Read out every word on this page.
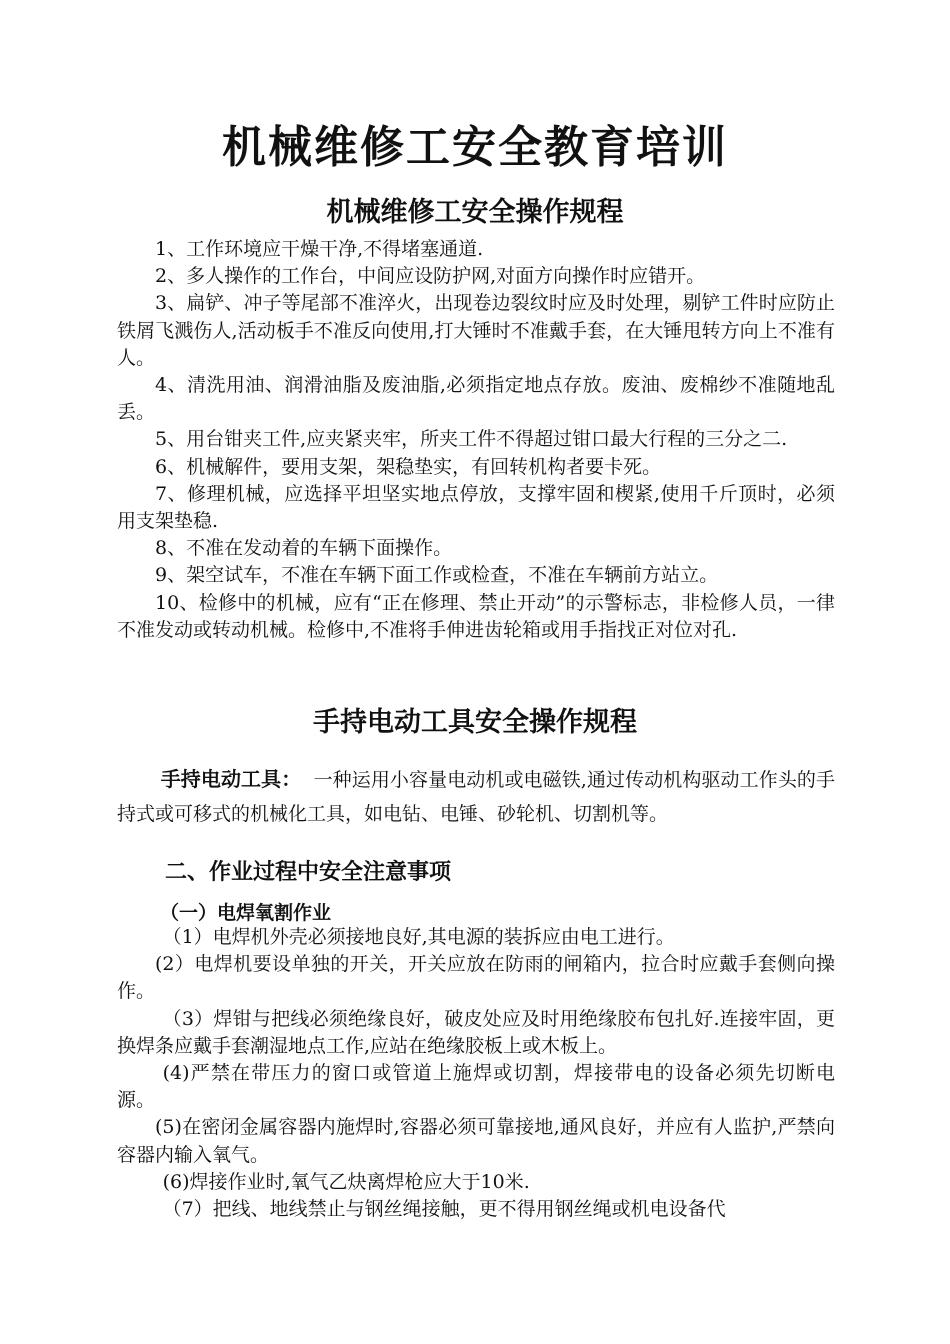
机械维修工安全教育培训
机械维修工安全操作规程

1、工作环境应干燥干净,不得堵塞通道.

2、多人操作的工作台，中间应设防护网,对面方向操作时应错开。

3、扁铲、冲子等尾部不准淬火，出现卷边裂纹时应及时处理，剔铲工件时应防止铁屑飞溅伤人,活动板手不准反向使用,打大锤时不准戴手套，在大锤甩转方向上不准有人。

4、清洗用油、润滑油脂及废油脂,必须指定地点存放。废油、废棉纱不准随地乱丢。

5、用台钳夹工件,应夹紧夹牢，所夹工件不得超过钳口最大行程的三分之二.

6、机械解件，要用支架，架稳垫实，有回转机构者要卡死。

7、修理机械，应选择平坦坚实地点停放，支撑牢固和楔紧,使用千斤顶时，必须用支架垫稳.

8、不准在发动着的车辆下面操作。

9、架空试车，不准在车辆下面工作或检查，不准在车辆前方站立。

10、检修中的机械，应有“正在修理、禁止开动”的示警标志，非检修人员，一律不准发动或转动机械。检修中,不准将手伸进齿轮箱或用手指找正对位对孔.

手持电动工具安全操作规程

手持电动工具： 一种运用小容量电动机或电磁铁,通过传动机构驱动工作头的手持式或可移式的机械化工具，如电钻、电锤、砂轮机、切割机等。

二、作业过程中安全注意事项
（一）电焊氧割作业

（1）电焊机外壳必须接地良好,其电源的装拆应由电工进行。

(2）电焊机要设单独的开关，开关应放在防雨的闸箱内，拉合时应戴手套侧向操作。

（3）焊钳与把线必须绝缘良好，破皮处应及时用绝缘胶布包扎好.连接牢固，更换焊条应戴手套潮湿地点工作,应站在绝缘胶板上或木板上。

(4)严禁在带压力的窗口或管道上施焊或切割，焊接带电的设备必须先切断电源。

(5)在密闭金属容器内施焊时,容器必须可靠接地,通风良好，并应有人监护,严禁向容器内输入氧气。

(6)焊接作业时,氧气乙炔离焊枪应大于10米.

（7）把线、地线禁止与钢丝绳接触，更不得用钢丝绳或机电设备代
